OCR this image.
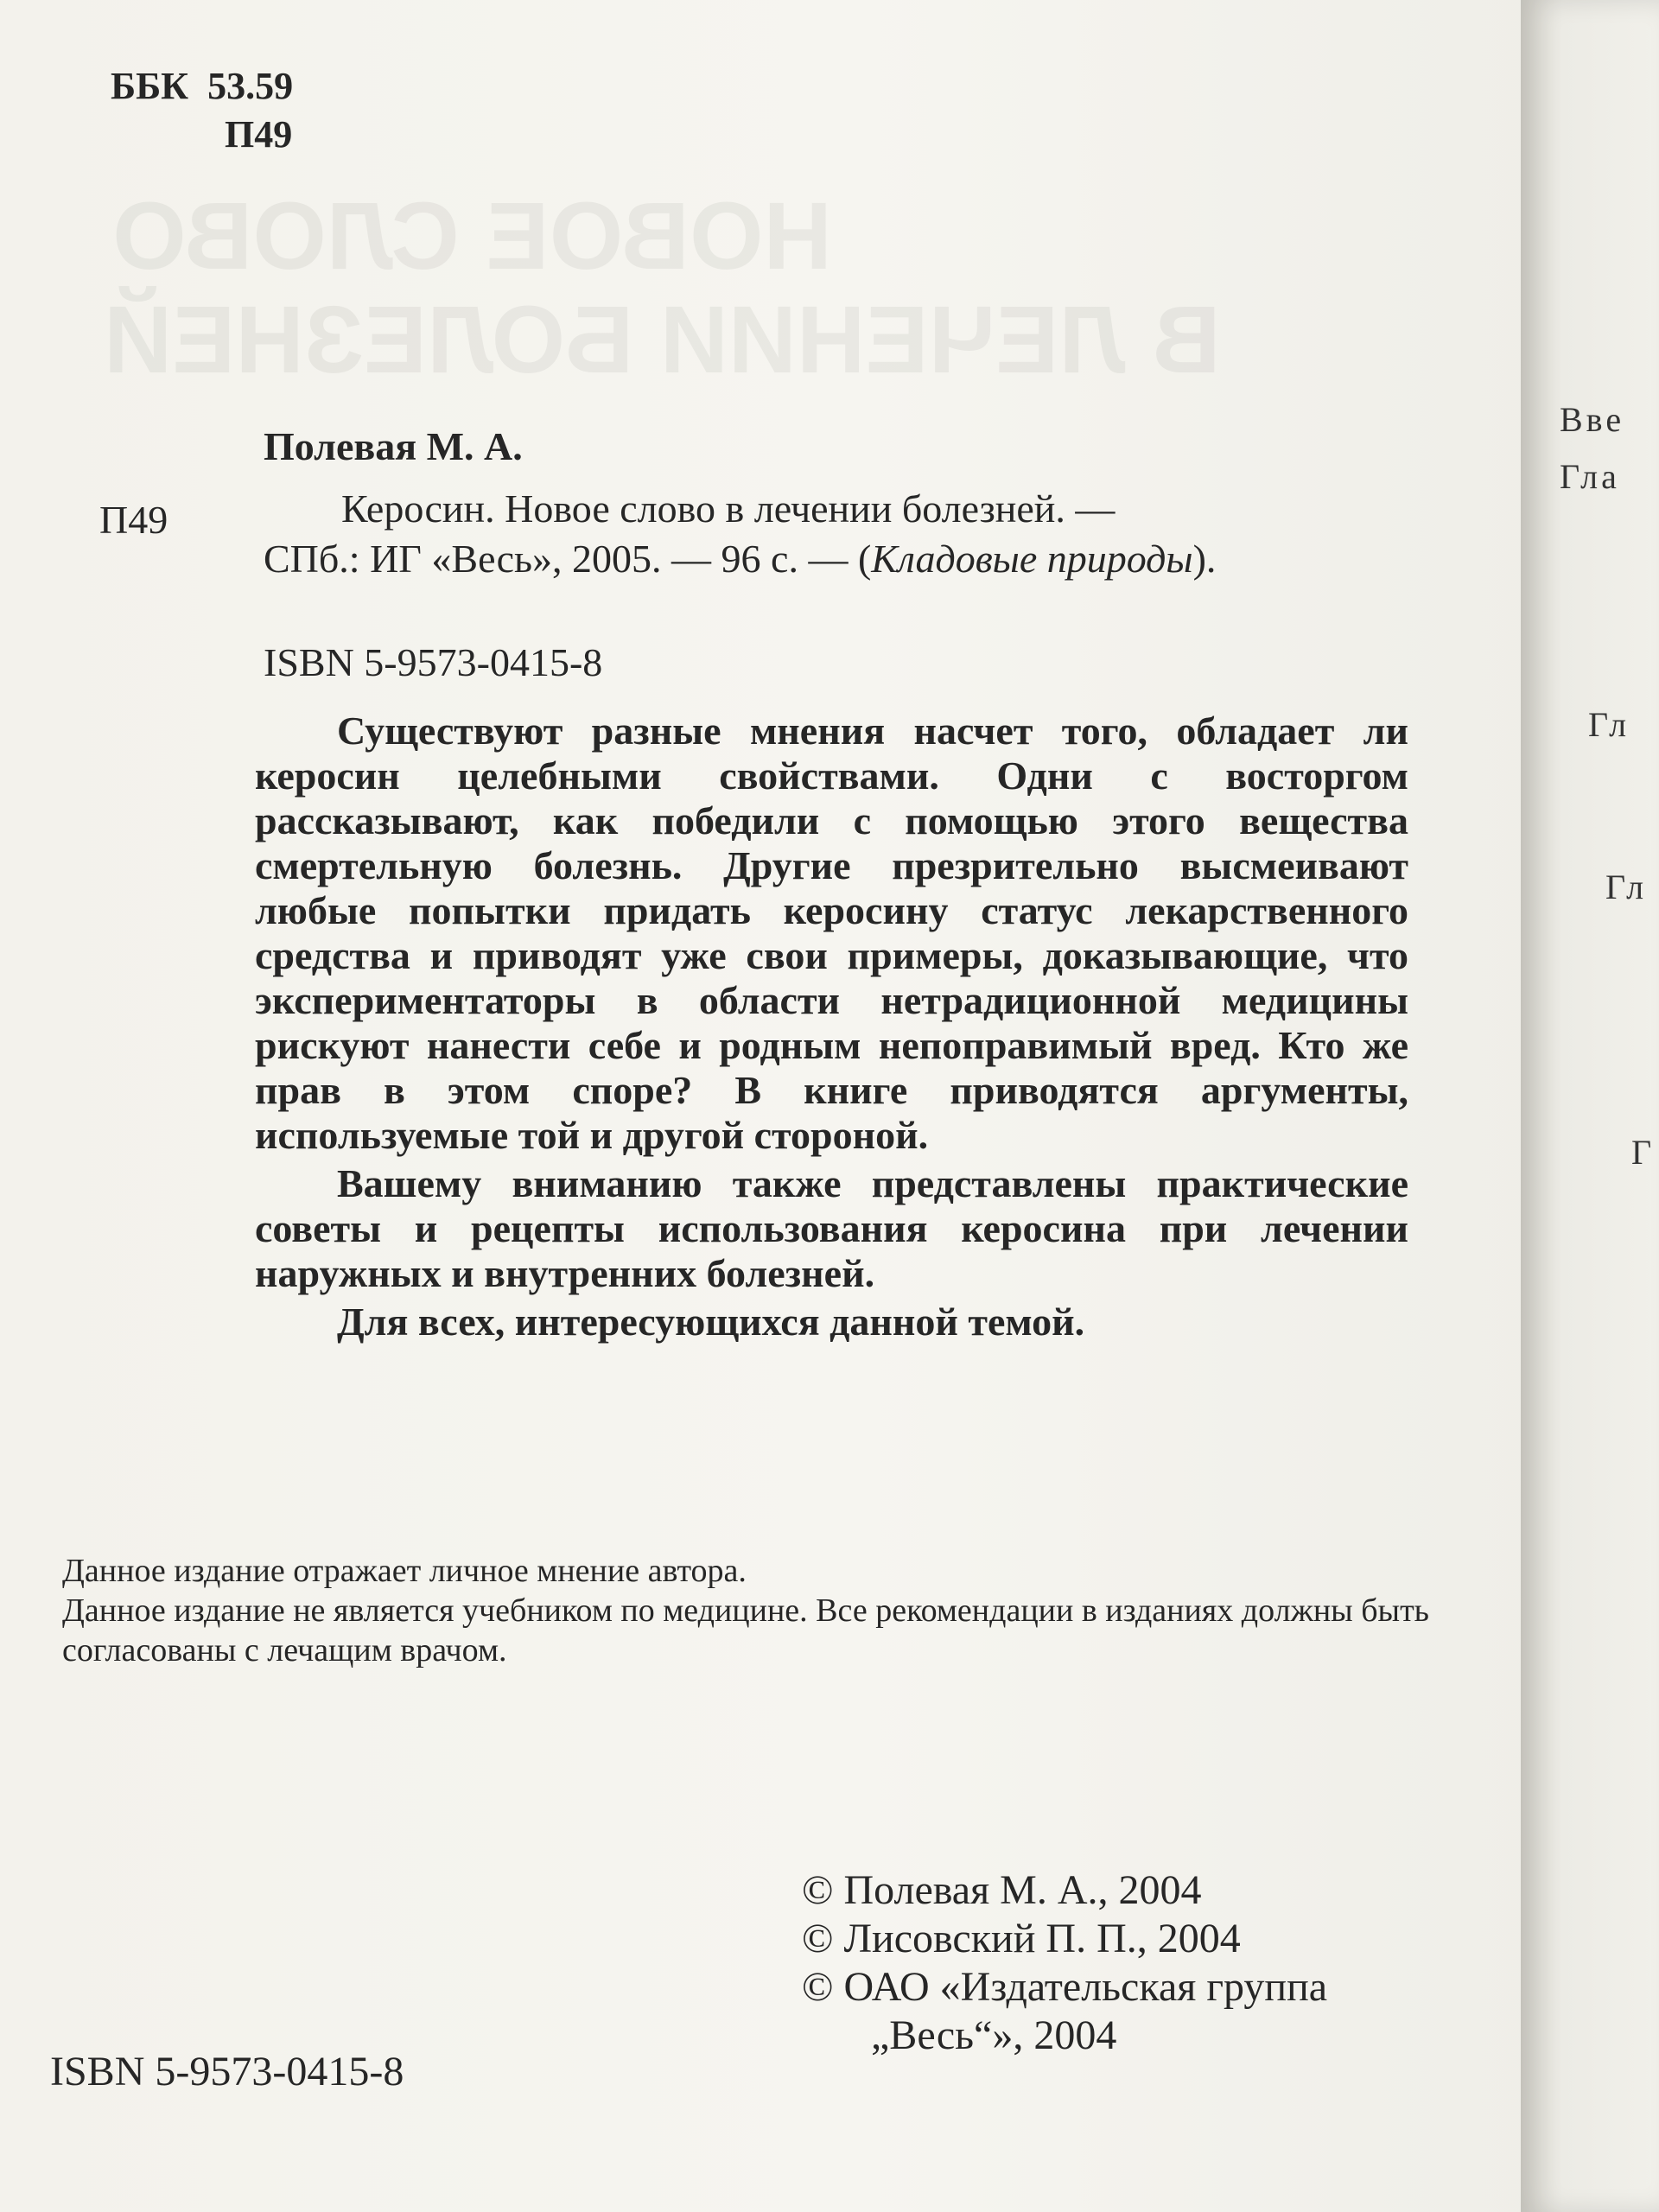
НОВОЕ СЛОВО
В ЛЕЧЕНИИ БОЛЕЗНЕЙ
ББК 53.59
П49
Полевая М. А.
П49	Керосин. Новое слово в лечении болезней. —

СПб.: ИГ «Весь», 2005. — 96 с. — (Кладовые природы).

ISBN 5-9573-0415-8

Существуют разные мнения насчет того, обладает ли керосин целебными свойствами. Одни с восторгом рассказывают, как победили с помощью этого вещества смертельную болезнь. Другие презрительно высмеивают любые попытки придать керосину статус лекарственного средства и приводят уже свои примеры, доказывающие, что экспериментаторы в области нетрадиционной медицины рискуют нанести себе и родным непоправимый вред. Кто же прав в этом споре? В книге приводятся аргументы, используемые той и другой стороной.

Вашему вниманию также представлены практические советы и рецепты использования керосина при лечении наружных и внутренних болезней.

Для всех, интересующихся данной темой.

Данное издание отражает личное мнение автора.

Данное издание не является учебником по медицине. Все рекомендации в изданиях должны быть согласованы с лечащим врачом.

© Полевая М. А., 2004

© Лисовский П. П., 2004

© ОАО «Издательская группа

„Весь“», 2004

ISBN 5-9573-0415-8
Вве
Гла
Гл
Гл
Г
